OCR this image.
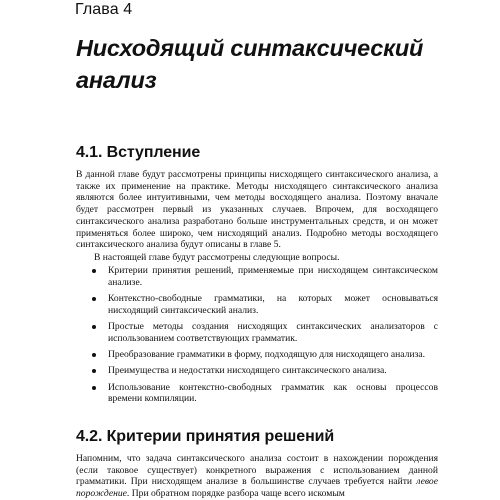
Глава 4
Нисходящий синтаксический анализ
4.1. Вступление
В данной главе будут рассмотрены принципы нисходящего синтаксического анализа, а также их применение на практике. Методы нисходящего синтаксического анализа являются более интуитивными, чем методы восходящего анализа. Поэтому вначале будет рассмотрен первый из указанных случаев. Впрочем, для восходящего синтаксического анализа разработано больше инструментальных средств, и он может применяться более широко, чем нисходящий анализ. Подробно методы восходящего синтаксического анализа будут описаны в главе 5.
В настоящей главе будут рассмотрены следующие вопросы.
Критерии принятия решений, применяемые при нисходящем синтаксическом анализе.
Контекстно-свободные грамматики, на которых может основываться нисходящий синтаксический анализ.
Простые методы создания нисходящих синтаксических анализаторов с использованием соответствующих грамматик.
Преобразование грамматики в форму, подходящую для нисходящего анализа.
Преимущества и недостатки нисходящего синтаксического анализа.
Использование контекстно-свободных грамматик как основы процессов времени компиляции.
4.2. Критерии принятия решений
Напомним, что задача синтаксического анализа состоит в нахождении порождения (если таковое существует) конкретного выражения с использованием данной грамматики. При нисходящем анализе в большинстве случаев требуется найти левое порождение. При обратном порядке разбора чаще всего искомым
